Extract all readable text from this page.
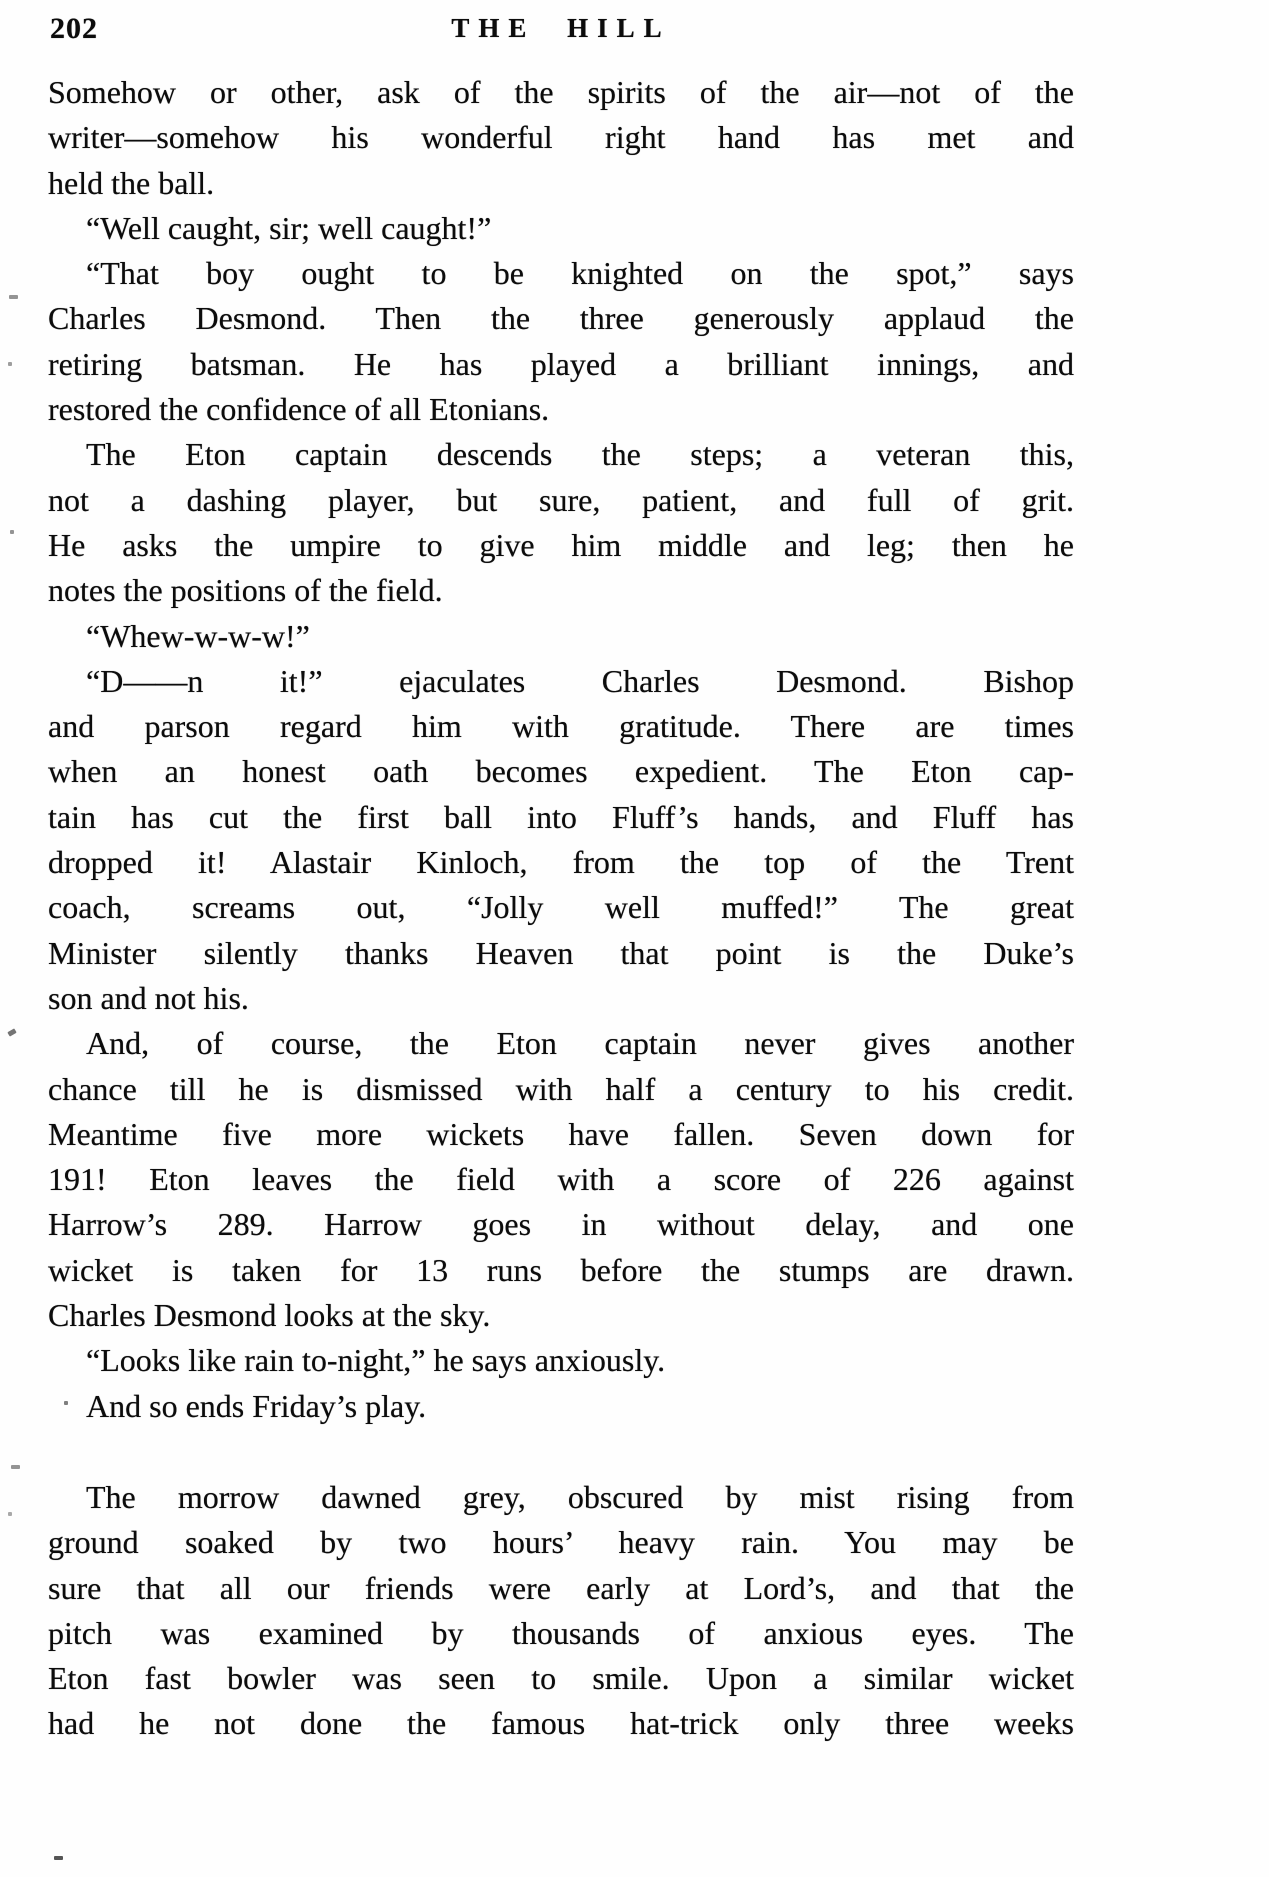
202	THE HILL
Somehow or other, ask of the spirits of the air—not of the
writer—somehow his wonderful right hand has met and
held the ball.
“Well caught, sir; well caught!”
“That boy ought to be knighted on the spot,” says
Charles Desmond. Then the three generously applaud the
retiring batsman. He has played a brilliant innings, and
restored the confidence of all Etonians.
The Eton captain descends the steps; a veteran this,
not a dashing player, but sure, patient, and full of grit.
He asks the umpire to give him middle and leg; then he
notes the positions of the field.
“Whew-w-w-w!”
“D——n it!” ejaculates Charles Desmond. Bishop
and parson regard him with gratitude. There are times
when an honest oath becomes expedient. The Eton cap-
tain has cut the first ball into Fluff’s hands, and Fluff has
dropped it! Alastair Kinloch, from the top of the Trent
coach, screams out, “Jolly well muffed!” The great
Minister silently thanks Heaven that point is the Duke’s
son and not his.
And, of course, the Eton captain never gives another
chance till he is dismissed with half a century to his credit.
Meantime five more wickets have fallen. Seven down for
191! Eton leaves the field with a score of 226 against
Harrow’s 289. Harrow goes in without delay, and one
wicket is taken for 13 runs before the stumps are drawn.
Charles Desmond looks at the sky.
“Looks like rain to-night,” he says anxiously.
And so ends Friday’s play.
The morrow dawned grey, obscured by mist rising from
ground soaked by two hours’ heavy rain. You may be
sure that all our friends were early at Lord’s, and that the
pitch was examined by thousands of anxious eyes. The
Eton fast bowler was seen to smile. Upon a similar wicket
had he not done the famous hat-trick only three weeks
